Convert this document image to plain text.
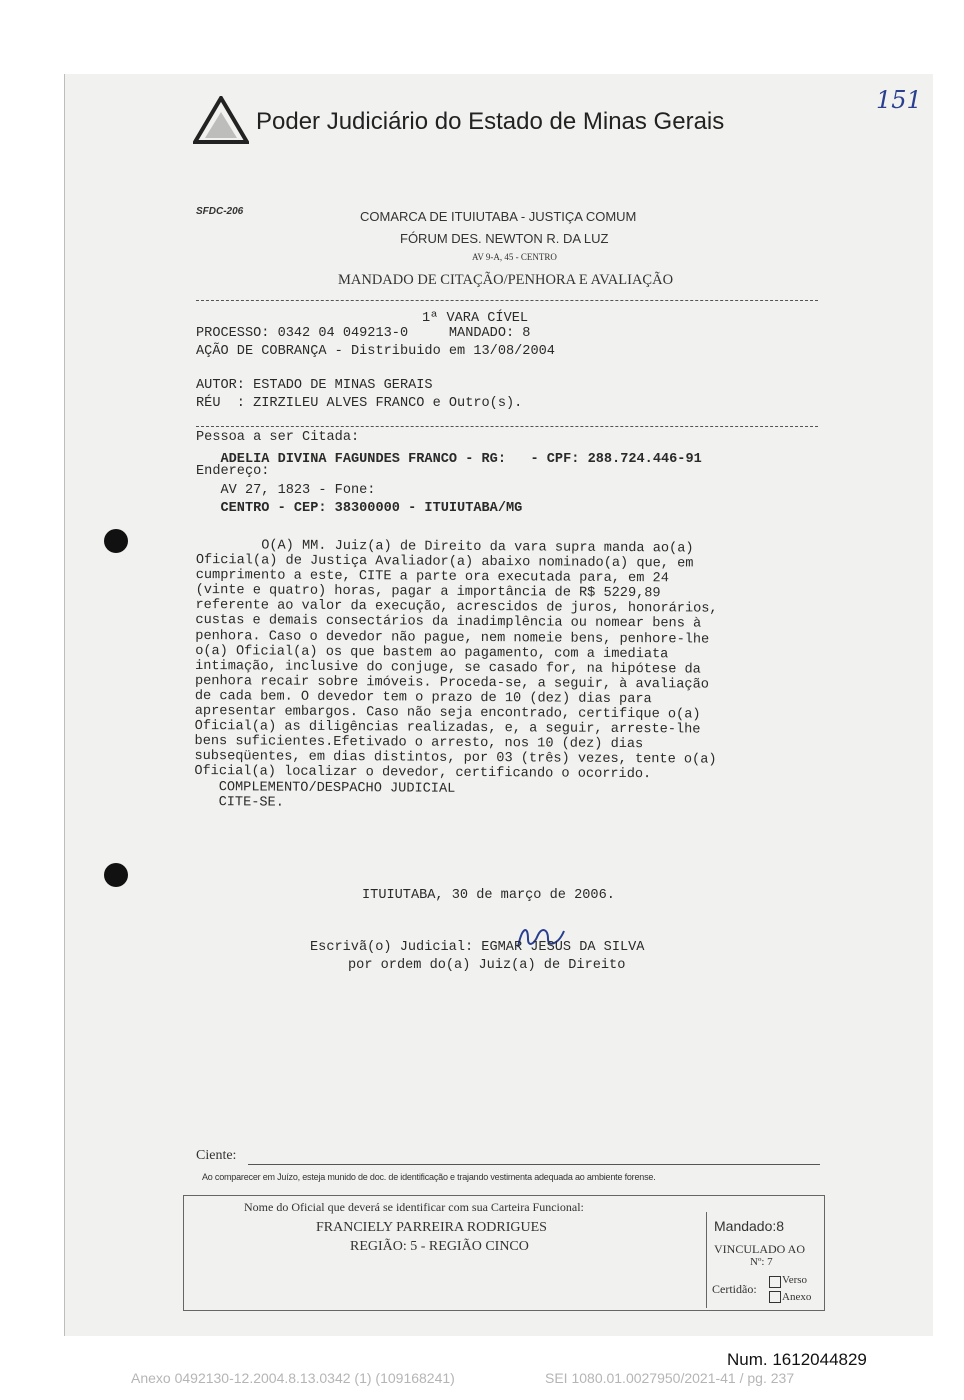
151
Poder Judiciário do Estado de Minas Gerais
SFDC-206	COMARCA DE ITUIUTABA - JUSTIÇA COMUM
FÓRUM DES. NEWTON R. DA LUZ
AV 9-A, 45 - CENTRO
MANDADO DE CITAÇÃO/PENHORA E AVALIAÇÃO
1ª VARA CÍVEL
PROCESSO: 0342 04 049213-0     MANDADO: 8
AÇÃO DE COBRANÇA - Distribuido em 13/08/2004
AUTOR: ESTADO DE MINAS GERAIS
RÉU  : ZIRZILEU ALVES FRANCO e Outro(s).
Pessoa a ser Citada:
ADELIA DIVINA FAGUNDES FRANCO - RG:   - CPF: 288.724.446-91
Endereço:
AV 27, 1823 - Fone:
CENTRO - CEP: 38300000 - ITUIUTABA/MG
O(A) MM. Juiz(a) de Direito da vara supra manda ao(a)
Oficial(a) de Justiça Avaliador(a) abaixo nominado(a) que, em
cumprimento a este, CITE a parte ora executada para, em 24
(vinte e quatro) horas, pagar a importância de R$ 5229,89
referente ao valor da execução, acrescidos de juros, honorários,
custas e demais consectários da inadimplência ou nomear bens à
penhora. Caso o devedor não pague, nem nomeie bens, penhore-lhe
o(a) Oficial(a) os que bastem ao pagamento, com a imediata
intimação, inclusive do conjuge, se casado for, na hipótese da
penhora recair sobre imóveis. Proceda-se, a seguir, à avaliação
de cada bem. O devedor tem o prazo de 10 (dez) dias para
apresentar embargos. Caso não seja encontrado, certifique o(a)
Oficial(a) as diligências realizadas, e, a seguir, arreste-lhe
bens suficientes.Efetivado o arresto, nos 10 (dez) dias
subseqüentes, em dias distintos, por 03 (três) vezes, tente o(a)
Oficial(a) localizar o devedor, certificando o ocorrido.
COMPLEMENTO/DESPACHO JUDICIAL
CITE-SE.
ITUIUTABA, 30 de março de 2006.
Escrivã(o) Judicial: EGMAR JESUS DA SILVA
por ordem do(a) Juiz(a) de Direito
Ciente:
Ao comparecer em Juízo, esteja munido de doc. de identificação e trajando vestimenta adequada ao ambiente forense.
Nome do Oficial que deverá se identificar com sua Carteira Funcional:
FRANCIELY PARREIRA RODRIGUES
REGIÃO: 5 - REGIÃO CINCO
Mandado:8
VINCULADO AO
Nº: 7
Certidão:
Verso
Anexo
Num. 1612044829
Anexo 0492130-12.2004.8.13.0342 (1) (109168241)	SEI 1080.01.0027950/2021-41 / pg. 237
